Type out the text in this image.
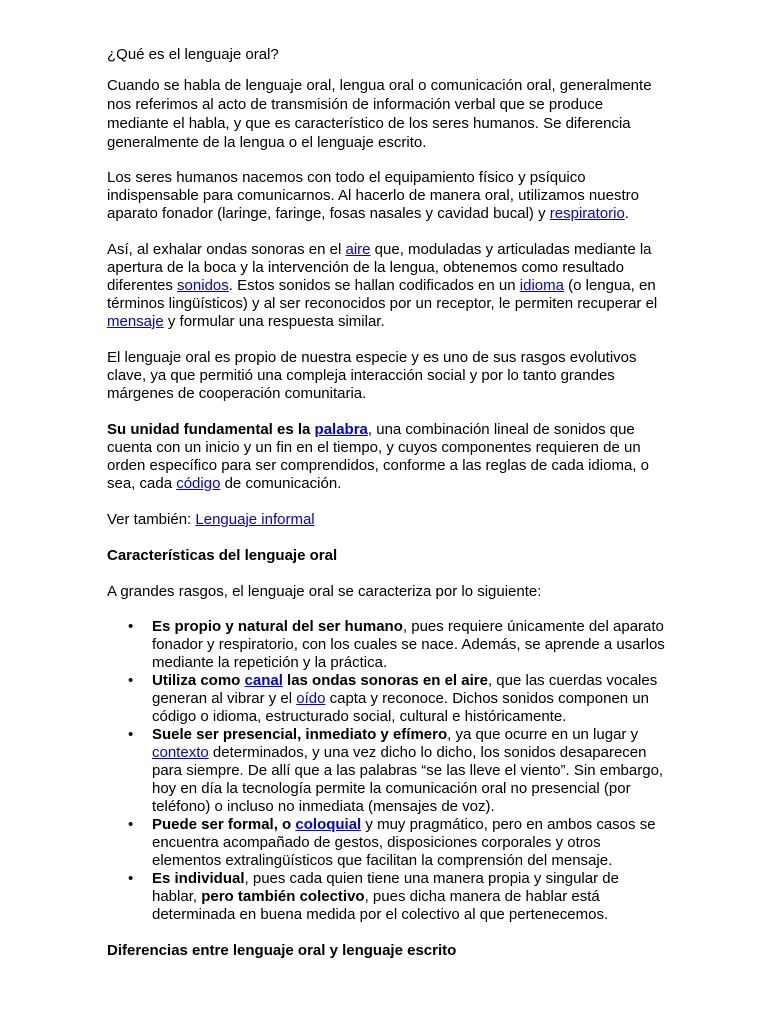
¿Qué es el lenguaje oral?

Cuando se habla de lenguaje oral, lengua oral o comunicación oral, generalmente nos referimos al acto de transmisión de información verbal que se produce mediante el habla, y que es característico de los seres humanos. Se diferencia generalmente de la lengua o el lenguaje escrito.

Los seres humanos nacemos con todo el equipamiento físico y psíquico indispensable para comunicarnos. Al hacerlo de manera oral, utilizamos nuestro aparato fonador (laringe, faringe, fosas nasales y cavidad bucal) y respiratorio.

Así, al exhalar ondas sonoras en el aire que, moduladas y articuladas mediante la apertura de la boca y la intervención de la lengua, obtenemos como resultado diferentes sonidos. Estos sonidos se hallan codificados en un idioma (o lengua, en términos lingüísticos) y al ser reconocidos por un receptor, le permiten recuperar el mensaje y formular una respuesta similar.

El lenguaje oral es propio de nuestra especie y es uno de sus rasgos evolutivos clave, ya que permitió una compleja interacción social y por lo tanto grandes márgenes de cooperación comunitaria.

Su unidad fundamental es la palabra, una combinación lineal de sonidos que cuenta con un inicio y un fin en el tiempo, y cuyos componentes requieren de un orden específico para ser comprendidos, conforme a las reglas de cada idioma, o sea, cada código de comunicación.

Ver también: Lenguaje informal

Características del lenguaje oral

A grandes rasgos, el lenguaje oral se caracteriza por lo siguiente:

• Es propio y natural del ser humano, pues requiere únicamente del aparato fonador y respiratorio, con los cuales se nace. Además, se aprende a usarlos mediante la repetición y la práctica.
• Utiliza como canal las ondas sonoras en el aire, que las cuerdas vocales generan al vibrar y el oído capta y reconoce. Dichos sonidos componen un código o idioma, estructurado social, cultural e históricamente.
• Suele ser presencial, inmediato y efímero, ya que ocurre en un lugar y contexto determinados, y una vez dicho lo dicho, los sonidos desaparecen para siempre. De allí que a las palabras “se las lleve el viento”. Sin embargo, hoy en día la tecnología permite la comunicación oral no presencial (por teléfono) o incluso no inmediata (mensajes de voz).
• Puede ser formal, o coloquial y muy pragmático, pero en ambos casos se encuentra acompañado de gestos, disposiciones corporales y otros elementos extralingüísticos que facilitan la comprensión del mensaje.
• Es individual, pues cada quien tiene una manera propia y singular de hablar, pero también colectivo, pues dicha manera de hablar está determinada en buena medida por el colectivo al que pertenecemos.

Diferencias entre lenguaje oral y lenguaje escrito
